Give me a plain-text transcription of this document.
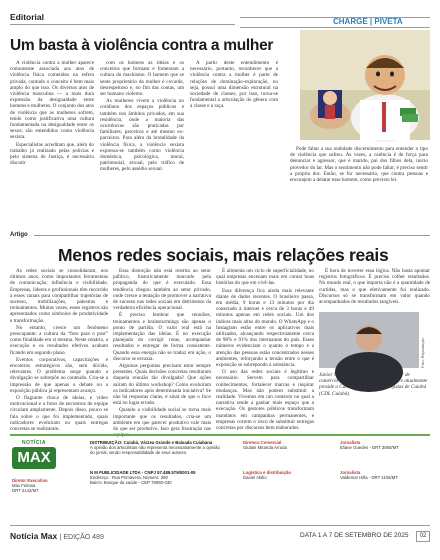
Editorial	CHARGE | PIVETA
Um basta à violência contra a mulher

A violência contra a mulher aparece comumente associada aos atos de violência física cometidos na esfera privada, contudo o conceito é bem mais amplo do que isso. Os diversos atos de violência masculina — a mais dura expressão da desigualdade entre homens e mulheres. O conjunto dos atos de violência que as mulheres sofrem, tendo como justificativa uma cultura fundamentada na desigualdade entre os sexos, são entendidos como violência sexista.

Especialistas acreditam que, além do trabalho já realizado pelas polícias e pelo sistema de Justiça, é necessário discutir

com os homens as ideias e os conceitos que formam e fomentam a cultura do machismo. O homem que se sente proprietário da mulher é covarde, desrespeitoso e, no fim das contas, um ser humano violento.

As mulheres vivem a violência no cotidiano dos espaços públicos e também nos âmbitos privados, em sua residência, onde a maioria das ocorrências são praticadas por familiares, parceiros e até mesmo ex-parceiros. Para além da brutalidade da violência física, a violência sexista expressa-se também como violência doméstica, psicológica, moral, patrimonial, sexual, pelo tráfico de mulheres, pelo assédio sexual.

A partir deste entendimento é necessário, portanto, reconhecer que a violência contra a mulher é parte de relações de dominação-exploração, ou seja, possui uma dimensão estrutural na sociedade de classes, por isso, torna-se fundamental a articulação do gênero com a classe e a raça.

Pode faltar a sua realidade discernimento para entender o tipo de violência que sofreu. Às vezes, a carência é de força para denunciar e agressor, que é marido, pai dos filhos dela, início provedor do lar. Mas o sentimento não pode faltar; é preciso sentir a própria dor. Então, se for necessário, que contra pessoas e encorajem a delatar esse homem, como previsto lei.

Artigo
Menos redes sociais, mais relações reais

As redes sociais se consolidaram, nos últimos anos, como importantes ferramentas de comunicação, influência e visibilidade. Empresas, líderes e profissionais têm recorrido a esses canais para compartilhar trajetórias de sucesso, mobilizações, palestras e treinamentos. Muitas vezes, esses registros são apresentados como símbolos de produtividade e transformação.

No entanto, cresce um fenômeno preocupante: a cultura da “foto para o post” como finalidade em si mesma. Neste cenário, a execução e os resultados efetivos acabam ficando em segundo plano.

Eventos corporativos, capacitações e encontros estratégicos são, sem dúvida, relevantes. O problema surge quando a divulgação se sobrepõe ao conteúdo. Cria-se a impressão de que apenas o debate ou a exposição pública já representam avanço.

O flagrante choca de ideias, e vídeo motivacional e a fotos de encontros de equipe circulam amplamente. Depois disso, pouco se fala sobre o que foi implementado, quais indicadores evoluíram ou quais entregas concretas se realizaram.

Essa distorção não está restrita ao setor público, historicamente marcado pela propaganda do que é executado. Essa tendência chegou também ao setor privado, onde cresce a tentação de promover a narrativa de sucesso nas redes sociais em detrimento da verdadeira eficiência operacional.

É preciso lembrar que reuniões, treinamentos e brainstormings são apenas o ponto de partida. O valor real está na implementação das ideias. É no execução planejada do corrigir rotas, acompanhar resultados e entregar de forma consistente. Quando essa energia não se traduz em ação, o discurso se esvazia.

Algumas perguntas precisam estar sempre presentes. Quais decisões concretas resultaram daquela reunião tão divulgada? Que ações saíram do último workshop? Como evoluíram os indicadores após determinada iniciativa? Se não há respostas claras, é sinal de que o foco está no lugar errado.

Quando a visibilidade social se torna mais importante que os resultados, cria-se um ambiente em que parecer produtivo vale mais do que ser produtivo. Isso gera frustração nas

É alimenta um ciclo de superficialidade, no qual empresas encenam mais em contar boas histórias do que em vivê-las.

Essa diferença fica ainda mais relevante diante de dados recentes. O brasileiro passa, em média, 9 horas e 13 minutos por dia conectado à internet e cerca de 3 horas e 49 minutos apenas em redes sociais. Um dos índices mais altos do mundo. O WhatsApp e o Instagram estão entre os aplicativos mais utilizados, alcançando respectivamente cerca de 98% e 91% dos internautas do país. Esses números evidenciam o quanto o tempo e a atenção das pessoas estão concentrados nesses ambientes, reforçando a tensão entre o que é exposição se sobrepondo à substância.

O uso das redes sociais é legítimo e necessário. Servem para compartilhar conhecimentos, fortalecer marcas e inspirar mudanças. Mas não podem substituir a realidade. Vivemos em um contexto no qual a narrativa tende a ganhar mais espaço que a execução. Os gestores públicos transformam mandatos em campanhas permanentes, e empresas correm o risco de substituir entregas concretas por discursos bem elaborados.

É hora de inverter essa lógica. Não basta apontar registros fotográficos. É preciso colher resultados. No mundo real, o que importa não é a quantidade de curtidas, mas o que efetivamente foi realizado. Discursos só se transformam em valor quando acompanhados de resultados tangíveis.

Foto: Reprodução
Júnior Macagnam é empresário do setor de comércio e serviço há mais de 20 anos e atualmente preside a Câmara de Dirigentes Lojistas de Cuiabá (CDL Cuiabá).
NOTÍCIA
MAX
Diretor Executivo
Max Feitosa
DRT 2142/MT
DISTRIBUIÇÃO: Cuiabá, Várzea Grande e Baixada Cuiabana
A opinião dos articulistas não representa necessariamente a opinião do jornal, sendo responsabilidade de seus autores.
N M PUBLICIDADE LTDA - CNPJ 57.489.579/0001-05
Endereço : Rua Primavera, Número: 280
Bairro: Bosque da saúde - CEP 78050-030
Diretora Comercial
Giulani Miranda Arruda
Logística e distribuição
Daniel Abilio
Jornalista
Eliane Guedes - DRT 3060/MT
Jornalista
Valdemar Hilla - DRT 1106/MT
Notícia Max | EDIÇÃO 489	DATA 1 A 7 DE SETEMBRO DE 2025	02
